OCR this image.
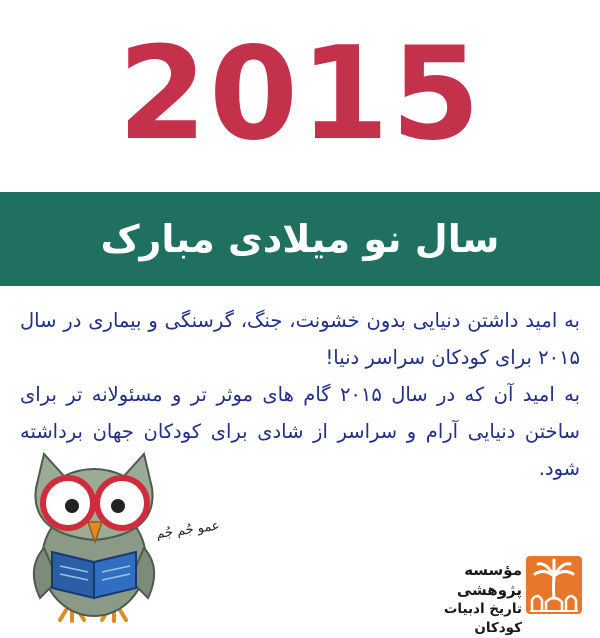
2015
سال نو میلادی مبارک

به امید داشتن دنیایی بدون خشونت، جنگ، گرسنگی و بیماری در سال ۲۰۱۵ برای کودکان سراسر دنیا!

به امید آن که در سال ۲۰۱۵ گام های موثر تر و مسئولانه تر برای ساختن دنیایی آرام و سراسر از شادی برای کودکان جهان برداشته شود.

عمو جُم جُم
مؤسسه پژوهشی
تاریخ ادبیات کودکان
